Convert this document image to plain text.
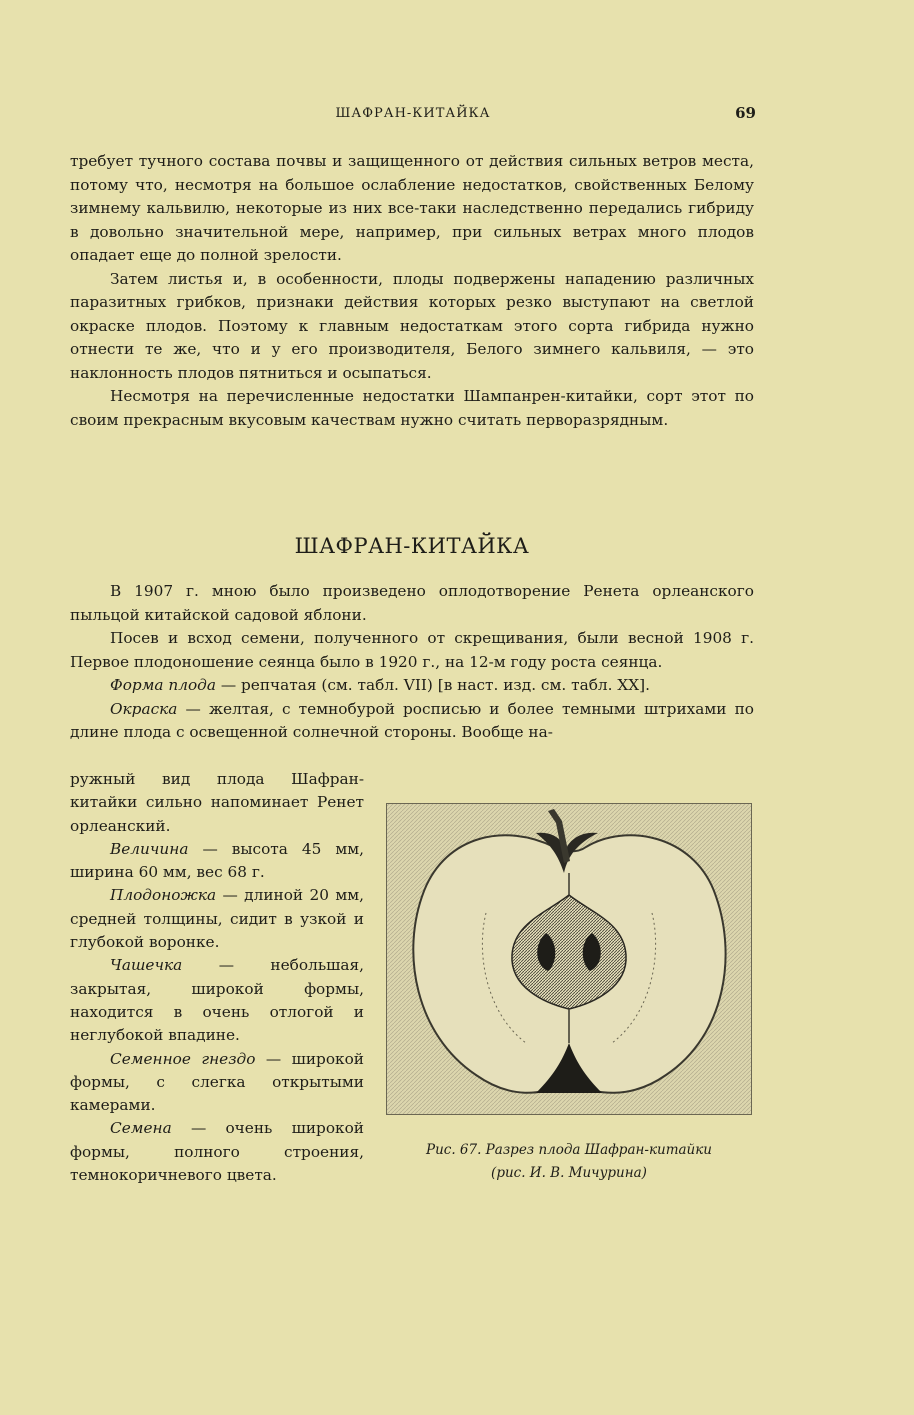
ШАФРАН-КИТАЙКА	69

требует тучного состава почвы и защищенного от действия сильных ветров места, потому что, несмотря на большое ослабление недостатков, свойственных Белому зимнему кальвилю, некоторые из них все-таки наследственно передались гибриду в довольно значительной мере, например, при сильных ветрах много плодов опадает еще до полной зрелости.

Затем листья и, в особенности, плоды подвержены нападению различных паразитных грибков, признаки действия которых резко выступают на светлой окраске плодов. Поэтому к главным недостаткам этого сорта гибрида нужно отнести те же, что и у его производителя, Белого зимнего кальвиля, — это наклонность плодов пятниться и осыпаться.

Несмотря на перечисленные недостатки Шампанрен-китайки, сорт этот по своим прекрасным вкусовым качествам нужно считать перворазрядным.

ШАФРАН-КИТАЙКА

В 1907 г. мною было произведено оплодотворение Ренета орлеанского пыльцой китайской садовой яблони.

Посев и всход семени, полученного от скрещивания, были весной 1908 г. Первое плодоношение сеянца было в 1920 г., на 12-м году роста сеянца.

Форма плода — репчатая (см. табл. VII) [в наст. изд. см. табл. XX].

Окраска — желтая, с темнобурой росписью и более темными штрихами по длине плода с освещенной солнечной стороны. Вообще на-

ружный вид плода Шафран-китайки сильно напоминает Ренет орлеанский.

Величина — высота 45 мм, ширина 60 мм, вес 68 г.

Плодоножка — длиной 20 мм, средней толщины, сидит в узкой и глубокой воронке.

Чашечка — небольшая, закрытая, широкой формы, находится в очень отлогой и неглубокой впадине.

Семенное гнездо — широкой формы, с слегка открытыми камерами.

Семена — очень широкой формы, полного строения, темнокоричневого цвета.

Рис. 67. Разрез плода Шафран-китайки
(рис. И. В. Мичурина)
